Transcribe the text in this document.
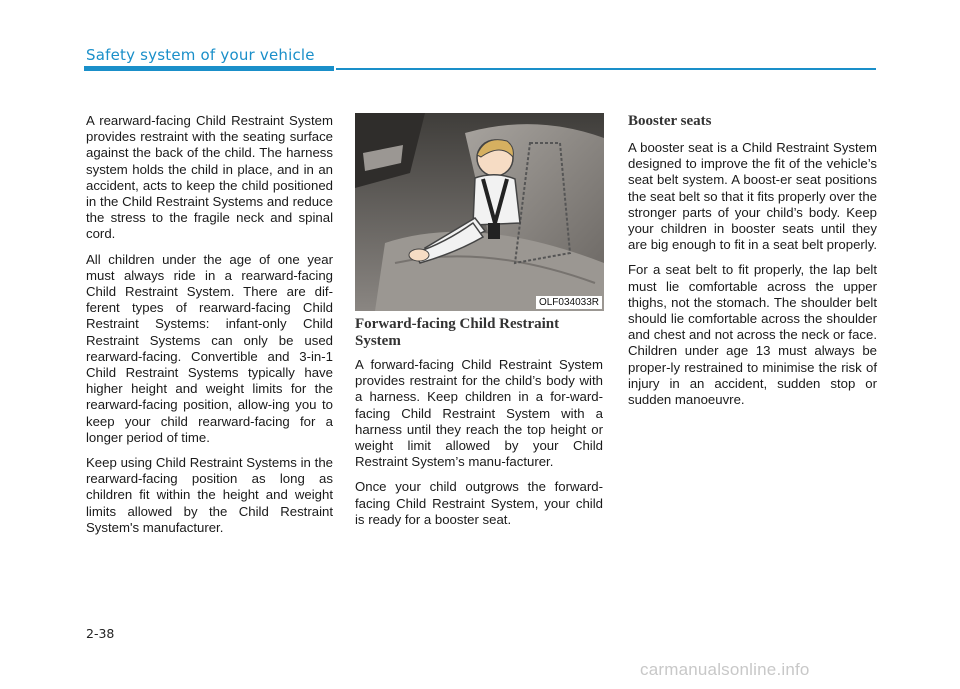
Safety system of your vehicle

A rearward-facing Child Restraint System provides restraint with the seating surface against the back of the child. The harness system holds the child in place, and in an accident, acts to keep the child positioned in the Child Restraint Systems and reduce the stress to the fragile neck and spinal cord.

All children under the age of one year must always ride in a rearward-facing Child Restraint System. There are dif-ferent types of rearward-facing Child Restraint Systems: infant-only Child Restraint Systems can only be used rearward-facing. Convertible and 3-in-1 Child Restraint Systems typically have higher height and weight limits for the rearward-facing position, allow-ing you to keep your child rearward-facing for a longer period of time.

Keep using Child Restraint Systems in the rearward-facing position as long as children fit within the height and weight limits allowed by the Child Restraint System's manufacturer.

OLF034033R
Forward-facing Child Restraint System

A forward-facing Child Restraint System provides restraint for the child’s body with a harness. Keep children in a for-ward-facing Child Restraint System with a harness until they reach the top height or weight limit allowed by your Child Restraint System’s manu-facturer.

Once your child outgrows the forward-facing Child Restraint System, your child is ready for a booster seat.

Booster seats

A booster seat is a Child Restraint System designed to improve the fit of the vehicle’s seat belt system. A boost-er seat positions the seat belt so that it fits properly over the stronger parts of your child’s body. Keep your children in booster seats until they are big enough to fit in a seat belt properly.

For a seat belt to fit properly, the lap belt must lie comfortable across the upper thighs, not the stomach. The shoulder belt should lie comfortable across the shoulder and chest and not across the neck or face. Children under age 13 must always be proper-ly restrained to minimise the risk of injury in an accident, sudden stop or sudden manoeuvre.

2-38
carmanualsonline.info
